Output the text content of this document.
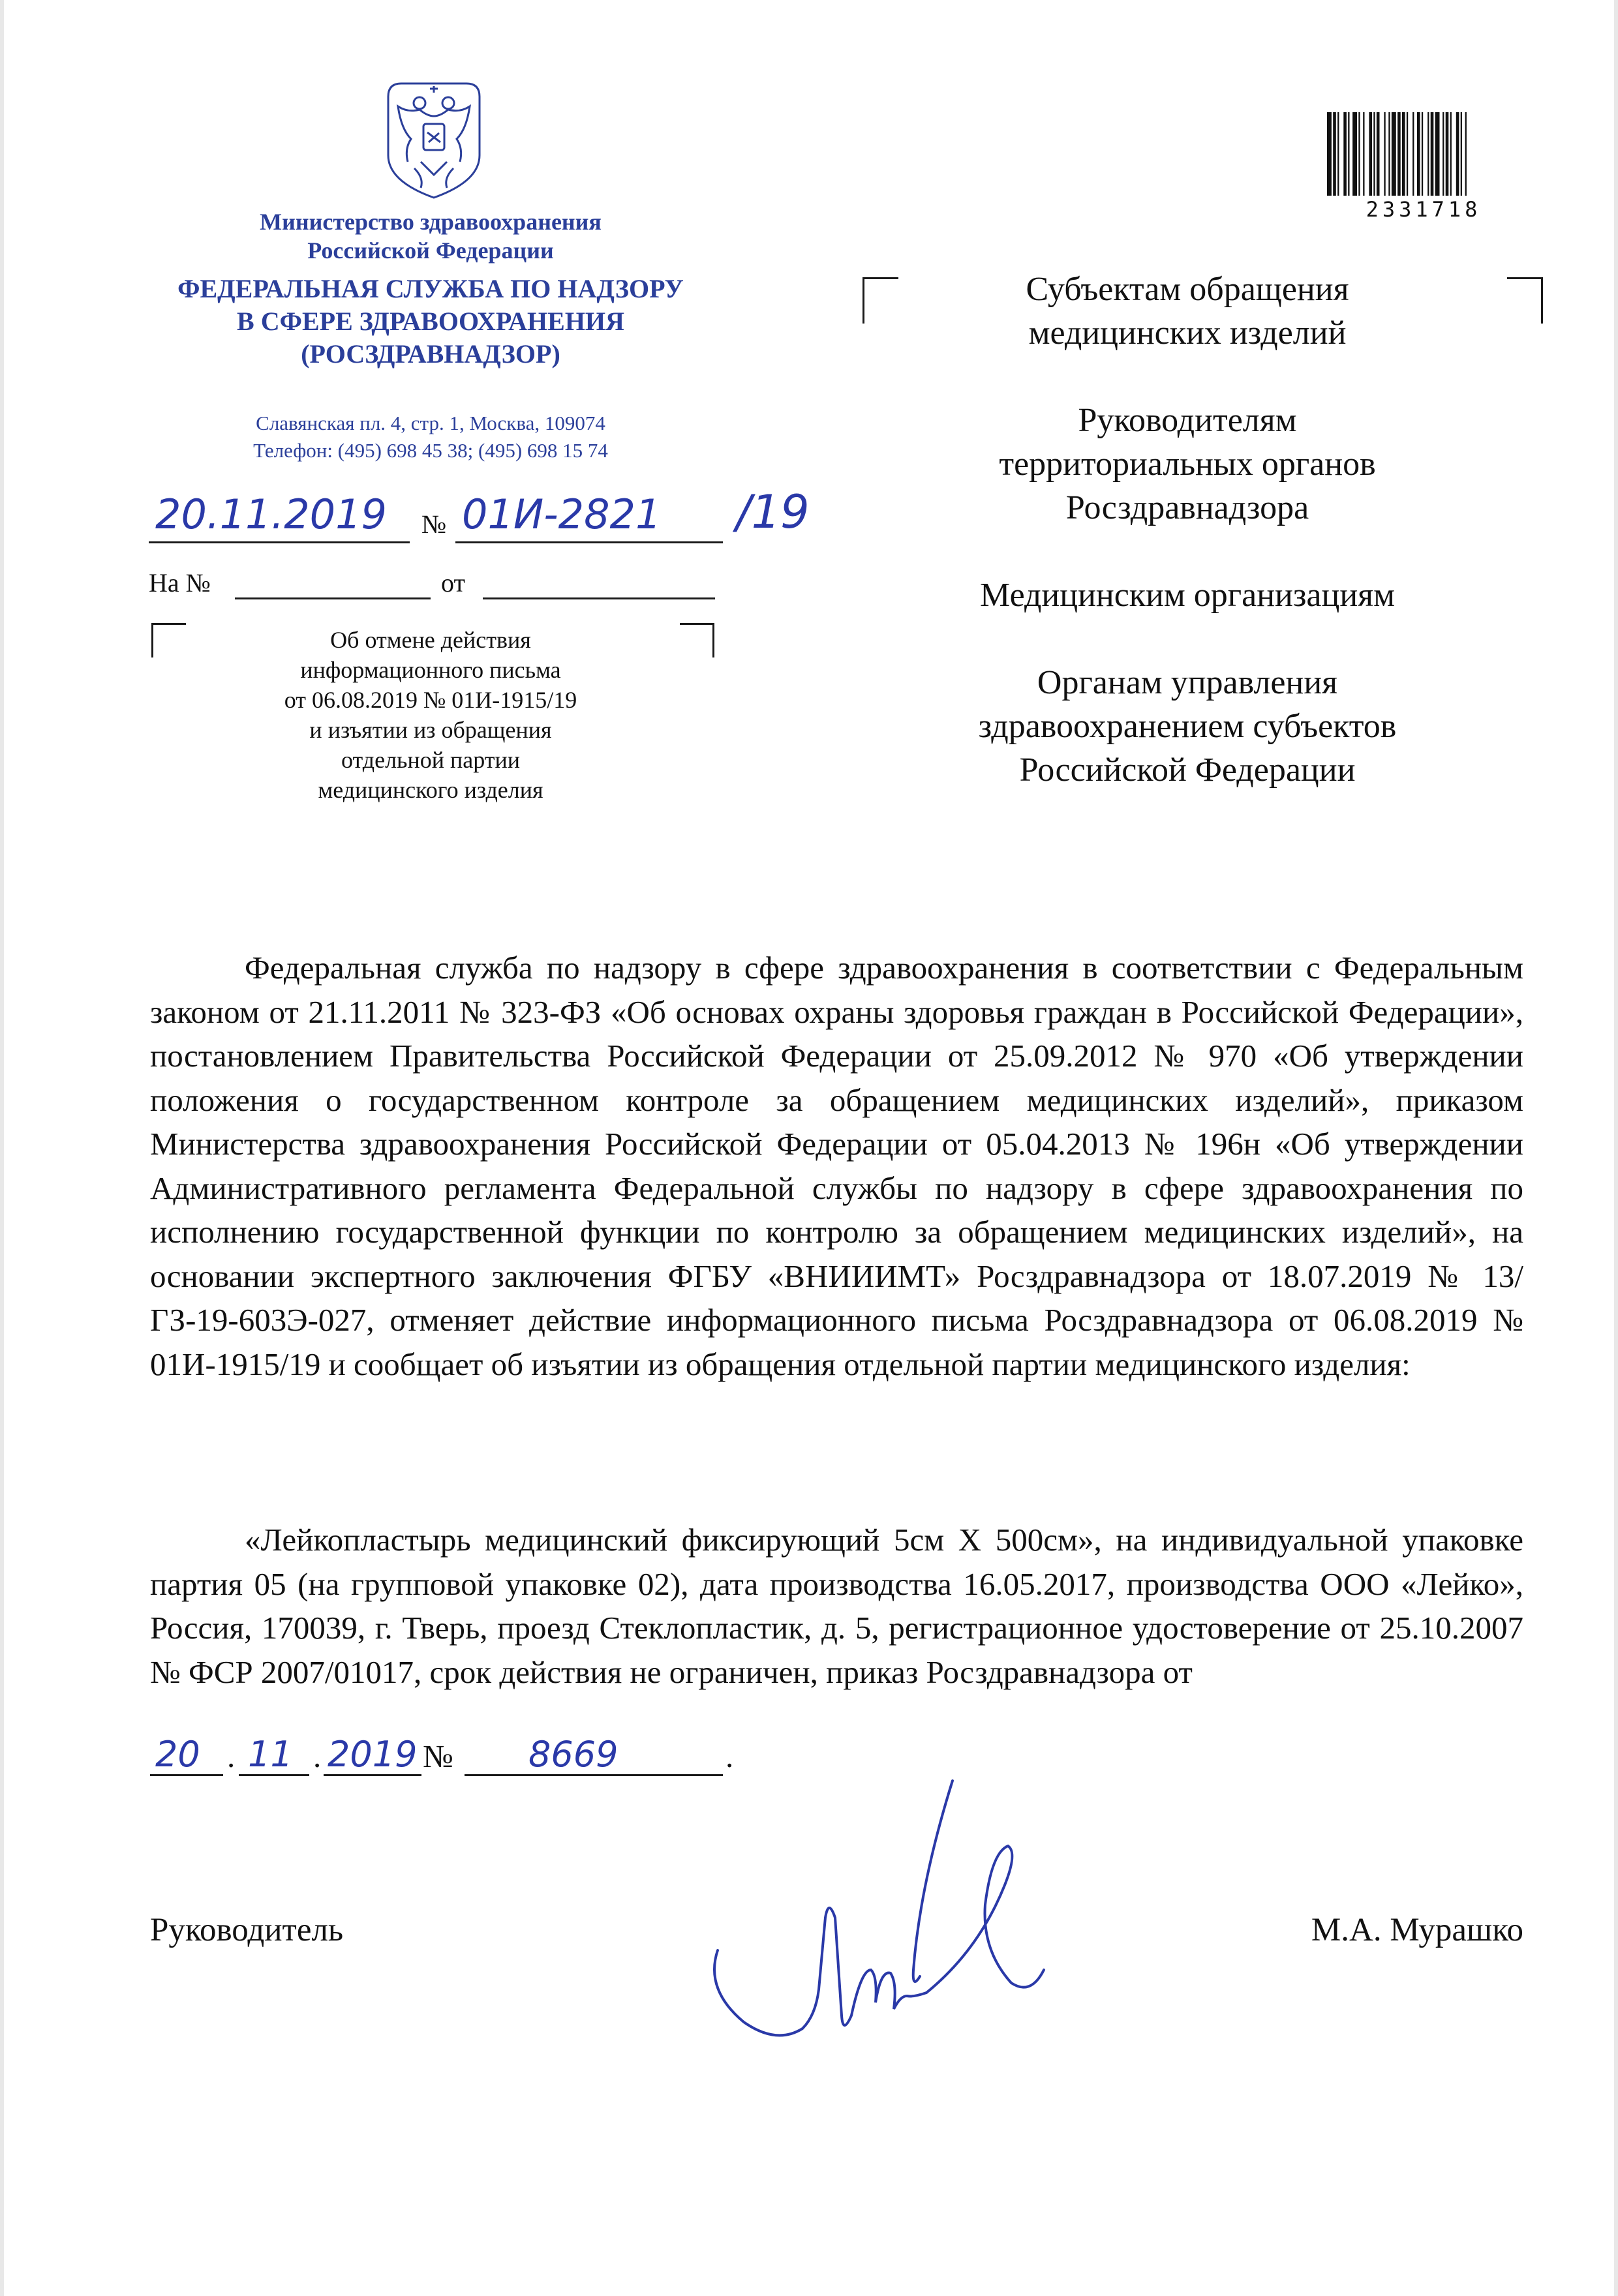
Министерство здравоохранения
Российской Федерации
ФЕДЕРАЛЬНАЯ СЛУЖБА ПО НАДЗОРУ
В СФЕРЕ ЗДРАВООХРАНЕНИЯ
(РОСЗДРАВНАДЗОР)
Славянская пл. 4, стр. 1, Москва, 109074
Телефон: (495) 698 45 38; (495) 698 15 74
20.11.2019 № 01И-2821 /19
На №	от
Об отмене действия
информационного письма
от 06.08.2019 № 01И-1915/19
и изъятии из обращения
отдельной партии
медицинского изделия
2331718
Субъектам обращения
медицинских изделий
Руководителям
территориальных органов
Росздравнадзора
Медицинским организациям
Органам управления
здравоохранением субъектов
Российской Федерации

Федеральная служба по надзору в сфере здравоохранения в соответствии с Федеральным законом от 21.11.2011 № 323-ФЗ «Об основах охраны здоровья граждан в Российской Федерации», постановлением Правительства Российской Федерации от 25.09.2012 № 970 «Об утверждении положения о государственном контроле за обращением медицинских изделий», приказом Министерства здравоохранения Российской Федерации от 05.04.2013 № 196н «Об утверждении Административного регламента Федеральной службы по надзору в сфере здравоохранения по исполнению государственной функции по контролю за обращением медицинских изделий», на основании экспертного заключения ФГБУ «ВНИИИМТ» Росздравнадзора от 18.07.2019 № 13/ГЗ-19-603Э-027, отменяет действие информационного письма Росздравнадзора от 06.08.2019 № 01И-1915/19 и сообщает об изъятии из обращения отдельной партии медицинского изделия:

«Лейкопластырь медицинский фиксирующий 5см Х 500см», на индивидуальной упаковке партия 05 (на групповой упаковке 02), дата производства 16.05.2017, производства ООО «Лейко», Россия, 170039, г. Тверь, проезд Стеклопластик, д. 5, регистрационное удостоверение от 25.10.2007 № ФСР 2007/01017, срок действия не ограничен, приказ Росздравнадзора от

20 . 11 . 2019 № 8669	.
Руководитель	М.А. Мурашко
